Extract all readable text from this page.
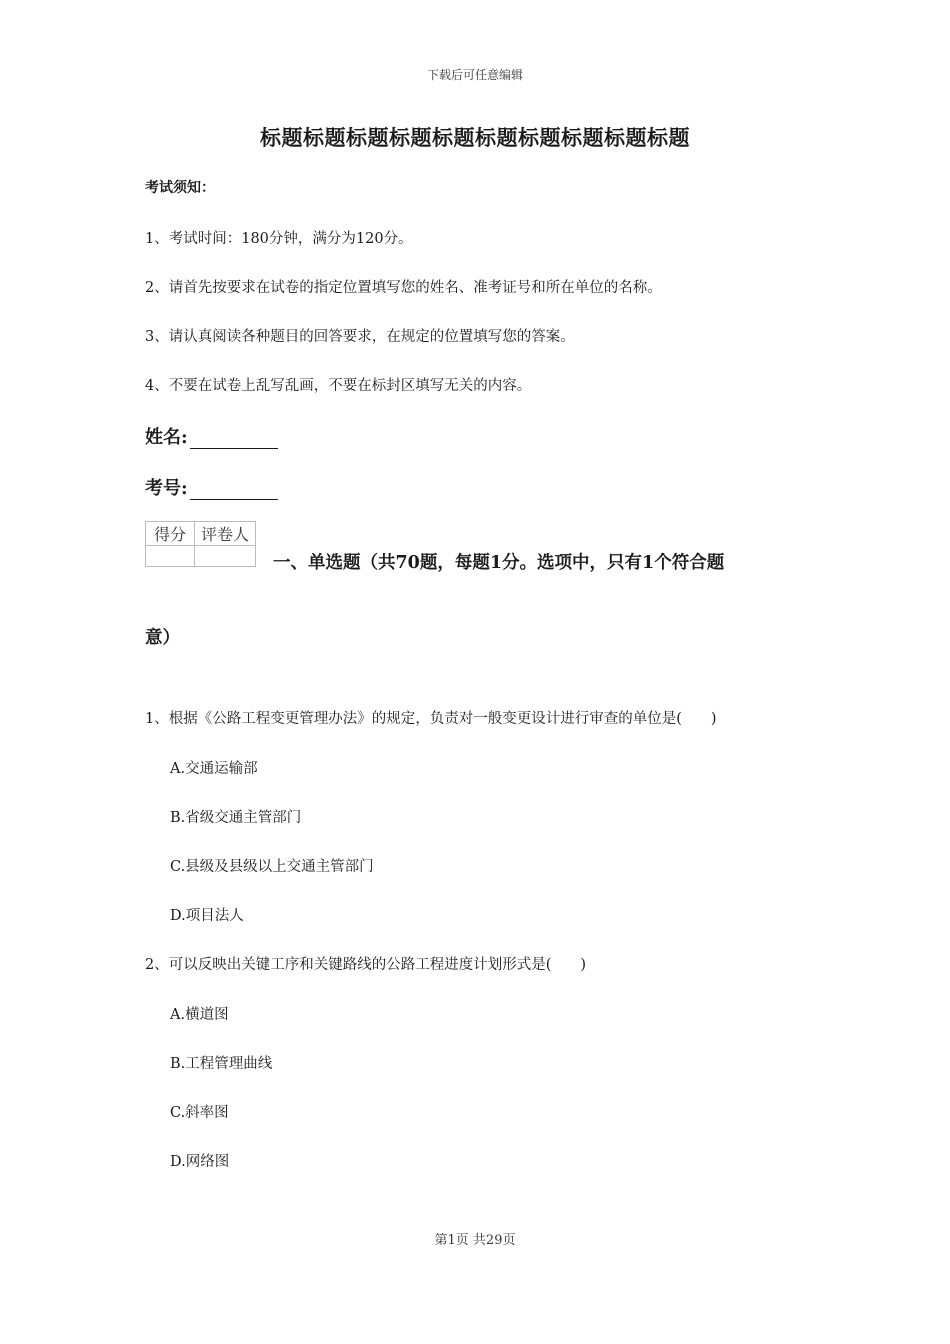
下载后可任意编辑
标题标题标题标题标题标题标题标题标题标题
考试须知：
1、考试时间：180分钟，满分为120分。
2、请首先按要求在试卷的指定位置填写您的姓名、准考证号和所在单位的名称。
3、请认真阅读各种题目的回答要求，在规定的位置填写您的答案。
4、不要在试卷上乱写乱画，不要在标封区填写无关的内容。
姓名:
考号:
得分	评卷人

一、单选题（共70题，每题1分。选项中，只有1个符合题
意）
1、根据《公路工程变更管理办法》的规定，负责对一般变更设计进行审查的单位是(　　)
A.交通运输部
B.省级交通主管部门
C.县级及县级以上交通主管部门
D.项目法人
2、可以反映出关键工序和关键路线的公路工程进度计划形式是(　　)
A.横道图
B.工程管理曲线
C.斜率图
D.网络图
第1页 共29页
